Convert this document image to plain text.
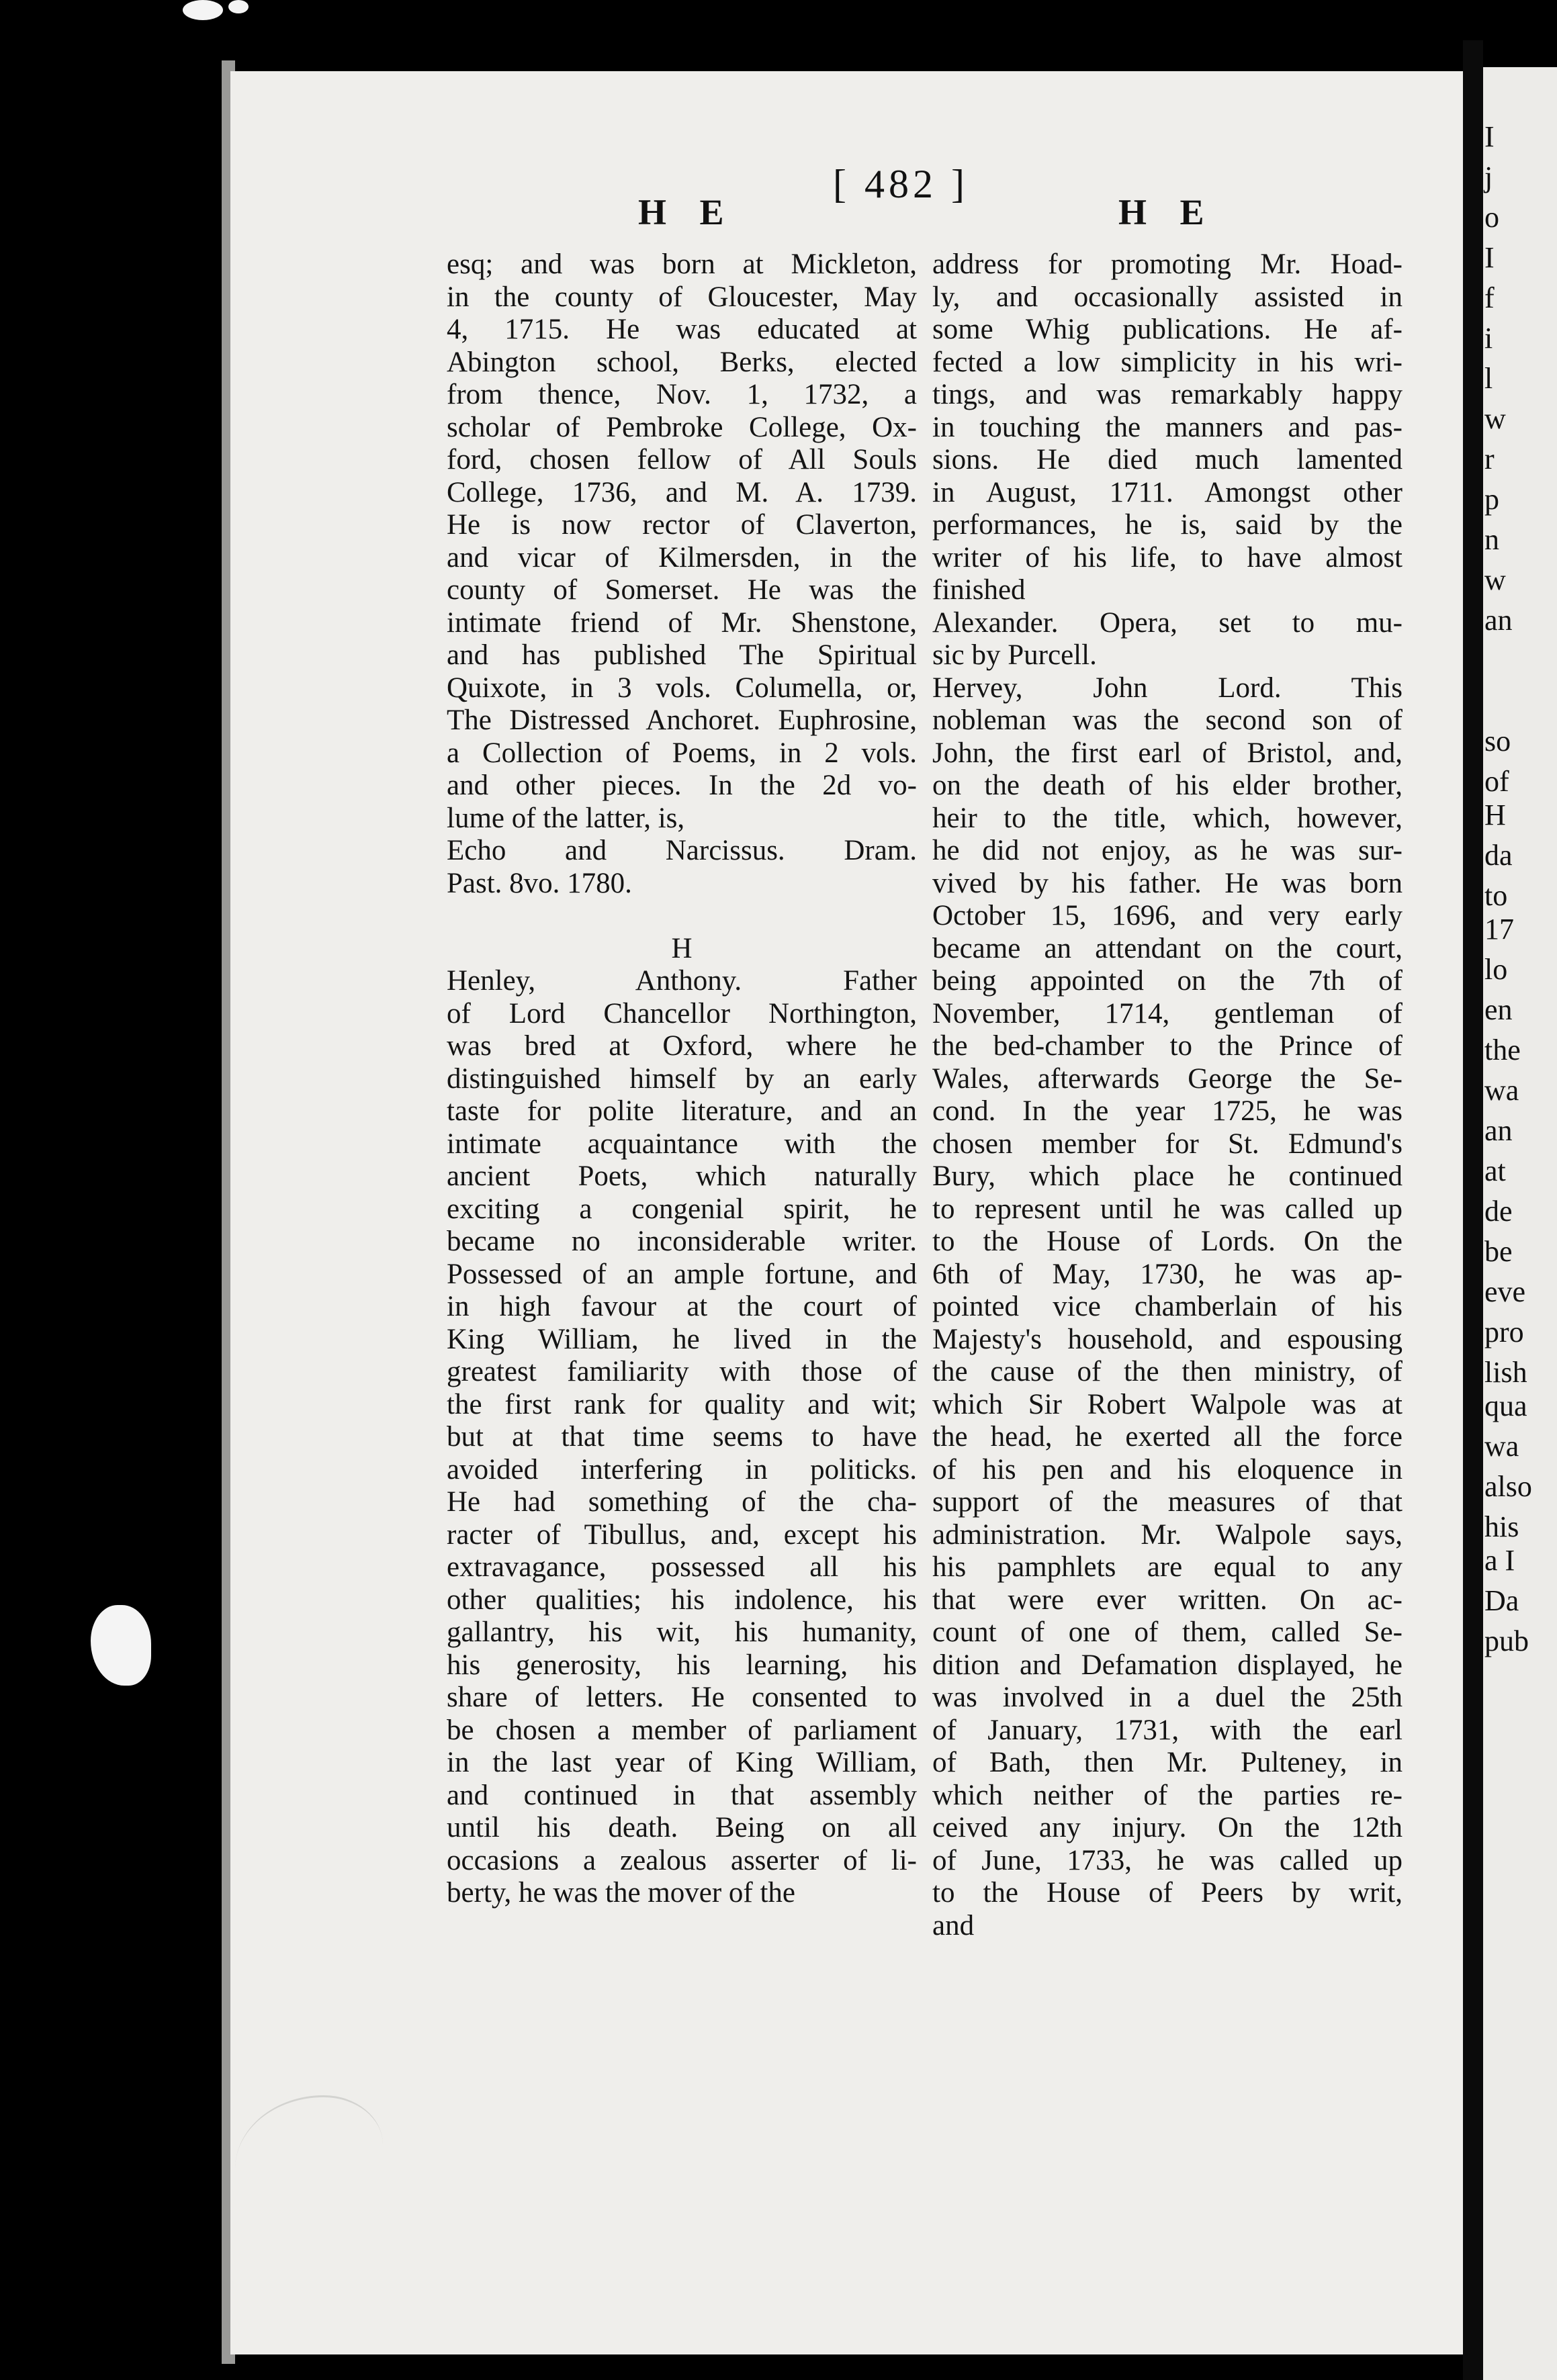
I
j
o
I
f
i
l
w
r
p
n
w
an
so
of
H
da
to
17
lo
en
the
wa
an
at
de
be
eve
pro
lish
qua
wa
also
his
a I
Da
pub
[ 482 ]
H E	H E
esq; and was born at Mickleton,
in the county of Gloucester, May
4, 1715. He was educated at
Abington school, Berks, elected
from thence, Nov. 1, 1732, a
scholar of Pembroke College, Ox-
ford, chosen fellow of All Souls
College, 1736, and M. A. 1739.
He is now rector of Claverton,
and vicar of Kilmersden, in the
county of Somerset. He was the
intimate friend of Mr. Shenstone,
and has published The Spiritual
Quixote, in 3 vols. Columella, or,
The Distressed Anchoret. Euphrosine,
a Collection of Poems, in 2 vols.
and other pieces. In the 2d vo-
lume of the latter, is,
Echo and Narcissus. Dram.
Past. 8vo. 1780.
H
Henley, Anthony. Father
of Lord Chancellor Northington,
was bred at Oxford, where he
distinguished himself by an early
taste for polite literature, and an
intimate acquaintance with the
ancient Poets, which naturally
exciting a congenial spirit, he
became no inconsiderable writer.
Possessed of an ample fortune, and
in high favour at the court of
King William, he lived in the
greatest familiarity with those of
the first rank for quality and wit;
but at that time seems to have
avoided interfering in politicks.
He had something of the cha-
racter of Tibullus, and, except his
extravagance, possessed all his
other qualities; his indolence, his
gallantry, his wit, his humanity,
his generosity, his learning, his
share of letters. He consented to
be chosen a member of parliament
in the last year of King William,
and continued in that assembly
until his death. Being on all
occasions a zealous asserter of li-
berty, he was the mover of the
address for promoting Mr. Hoad-
ly, and occasionally assisted in
some Whig publications. He af-
fected a low simplicity in his wri-
tings, and was remarkably happy
in touching the manners and pas-
sions. He died much lamented
in August, 1711. Amongst other
performances, he is, said by the
writer of his life, to have almost
finished
Alexander. Opera, set to mu-
sic by Purcell.
Hervey, John Lord. This
nobleman was the second son of
John, the first earl of Bristol, and,
on the death of his elder brother,
heir to the title, which, however,
he did not enjoy, as he was sur-
vived by his father. He was born
October 15, 1696, and very early
became an attendant on the court,
being appointed on the 7th of
November, 1714, gentleman of
the bed-chamber to the Prince of
Wales, afterwards George the Se-
cond. In the year 1725, he was
chosen member for St. Edmund's
Bury, which place he continued
to represent until he was called up
to the House of Lords. On the
6th of May, 1730, he was ap-
pointed vice chamberlain of his
Majesty's household, and espousing
the cause of the then ministry, of
which Sir Robert Walpole was at
the head, he exerted all the force
of his pen and his eloquence in
support of the measures of that
administration. Mr. Walpole says,
his pamphlets are equal to any
that were ever written. On ac-
count of one of them, called Se-
dition and Defamation displayed, he
was involved in a duel the 25th
of January, 1731, with the earl
of Bath, then Mr. Pulteney, in
which neither of the parties re-
ceived any injury. On the 12th
of June, 1733, he was called up
to the House of Peers by writ,
and
